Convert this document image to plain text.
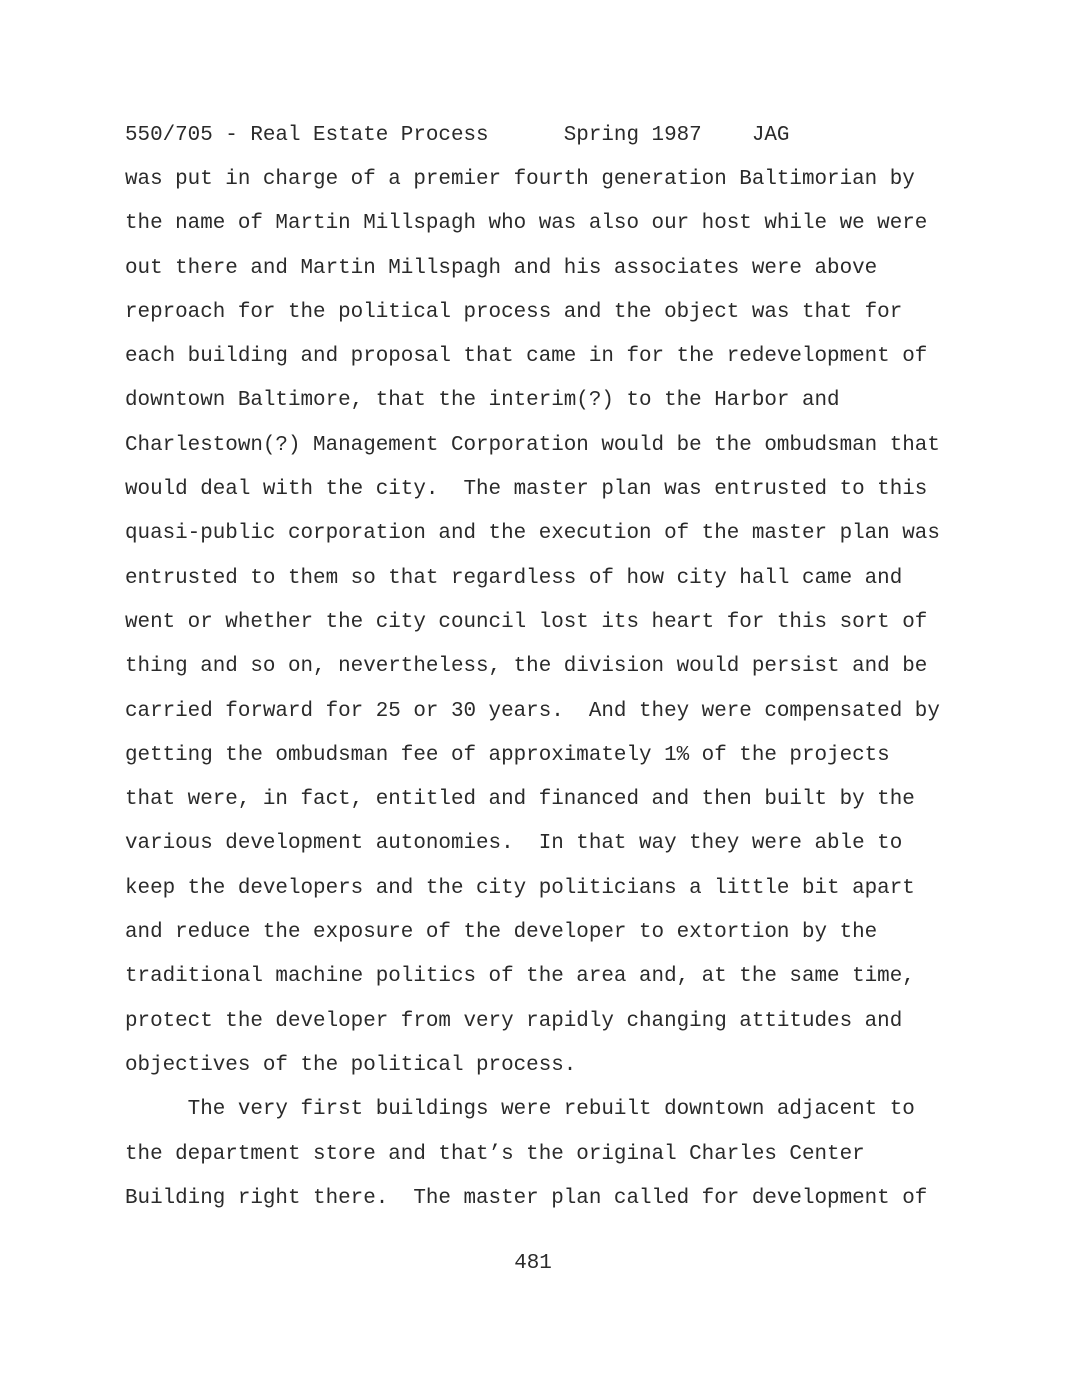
550/705 - Real Estate Process      Spring 1987    JAG
was put in charge of a premier fourth generation Baltimorian by
the name of Martin Millspagh who was also our host while we were
out there and Martin Millspagh and his associates were above
reproach for the political process and the object was that for
each building and proposal that came in for the redevelopment of
downtown Baltimore, that the interim(?) to the Harbor and
Charlestown(?) Management Corporation would be the ombudsman that
would deal with the city.  The master plan was entrusted to this
quasi-public corporation and the execution of the master plan was
entrusted to them so that regardless of how city hall came and
went or whether the city council lost its heart for this sort of
thing and so on, nevertheless, the division would persist and be
carried forward for 25 or 30 years.  And they were compensated by
getting the ombudsman fee of approximately 1% of the projects
that were, in fact, entitled and financed and then built by the
various development autonomies.  In that way they were able to
keep the developers and the city politicians a little bit apart
and reduce the exposure of the developer to extortion by the
traditional machine politics of the area and, at the same time,
protect the developer from very rapidly changing attitudes and
objectives of the political process.
The very first buildings were rebuilt downtown adjacent to
the department store and that’s the original Charles Center
Building right there.  The master plan called for development of
481
